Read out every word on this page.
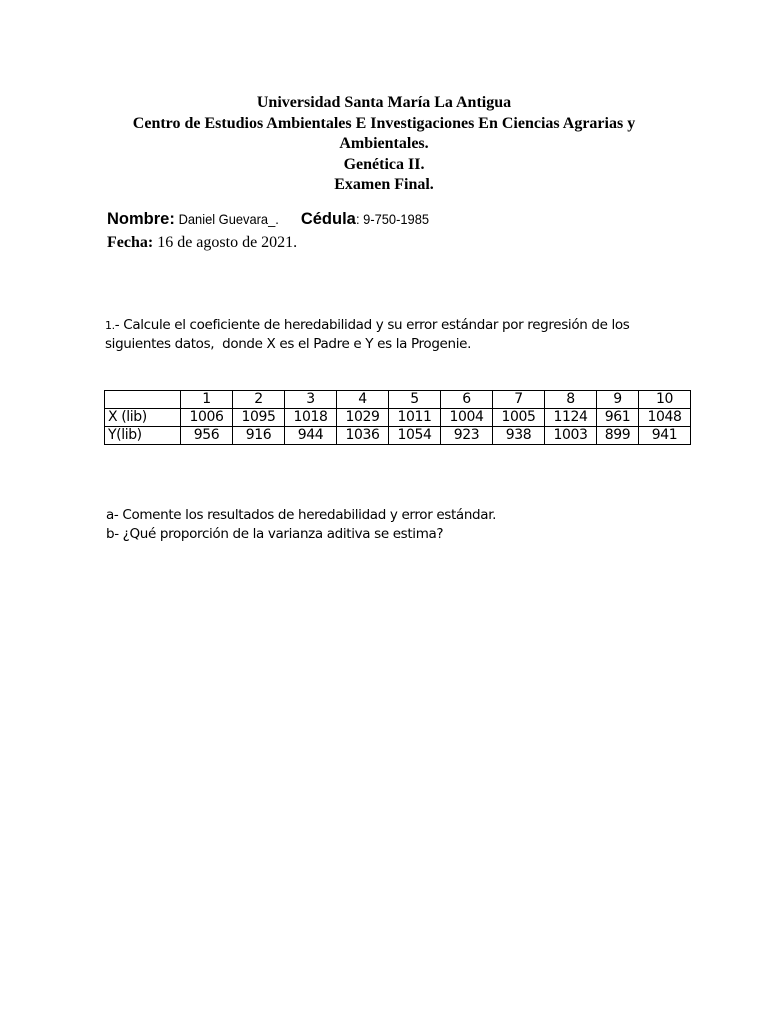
Universidad Santa María La Antigua
Centro de Estudios Ambientales E Investigaciones En Ciencias Agrarias y
Ambientales.
Genética II.
Examen Final.
Nombre: Daniel Guevara_. Cédula: 9-750-1985
Fecha: 16 de agosto de 2021.
1.- Calcule el coeficiente de heredabilidad y su error estándar por regresión de los
siguientes datos,  donde X es el Padre e Y es la Progenie.
	1	2	3	4	5	6	7	8	9	10
X (lib)	1006	1095	1018	1029	1011	1004	1005	1124	961	1048
Y(lib)	956	916	944	1036	1054	923	938	1003	899	941
a- Comente los resultados de heredabilidad y error estándar.
b- ¿Qué proporción de la varianza aditiva se estima?
